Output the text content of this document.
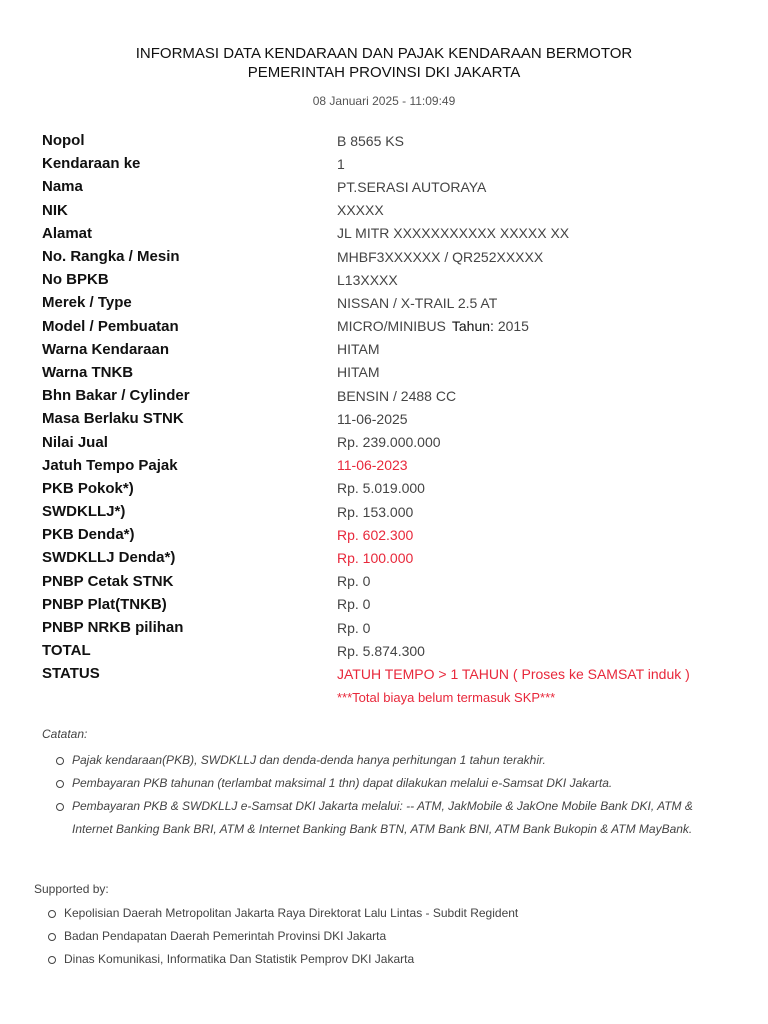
INFORMASI DATA KENDARAAN DAN PAJAK KENDARAAN BERMOTOR
PEMERINTAH PROVINSI DKI JAKARTA
08 Januari 2025 - 11:09:49
Nopol	B 8565 KS
Kendaraan ke	1
Nama	PT.SERASI AUTORAYA
NIK	XXXXX
Alamat	JL MITR XXXXXXXXXXX XXXXX XX
No. Rangka / Mesin	MHBF3XXXXXX / QR252XXXXX
No BPKB	L13XXXX
Merek / Type	NISSAN / X-TRAIL 2.5 AT
Model / Pembuatan	MICRO/MINIBUS Tahun: 2015
Warna Kendaraan	HITAM
Warna TNKB	HITAM
Bhn Bakar / Cylinder	BENSIN / 2488 CC
Masa Berlaku STNK	11-06-2025
Nilai Jual	Rp. 239.000.000
Jatuh Tempo Pajak	11-06-2023
PKB Pokok*)	Rp. 5.019.000
SWDKLLJ*)	Rp. 153.000
PKB Denda*)	Rp. 602.300
SWDKLLJ Denda*)	Rp. 100.000
PNBP Cetak STNK	Rp. 0
PNBP Plat(TNKB)	Rp. 0
PNBP NRKB pilihan	Rp. 0
TOTAL	Rp. 5.874.300
STATUS	JATUH TEMPO > 1 TAHUN ( Proses ke SAMSAT induk )
***Total biaya belum termasuk SKP***
Catatan:
Pajak kendaraan(PKB), SWDKLLJ dan denda-denda hanya perhitungan 1 tahun terakhir.
Pembayaran PKB tahunan (terlambat maksimal 1 thn) dapat dilakukan melalui e-Samsat DKI Jakarta.
Pembayaran PKB & SWDKLLJ e-Samsat DKI Jakarta melalui: -- ATM, JakMobile & JakOne Mobile Bank DKI, ATM &
Internet Banking Bank BRI, ATM & Internet Banking Bank BTN, ATM Bank BNI, ATM Bank Bukopin & ATM MayBank.
Supported by:
Kepolisian Daerah Metropolitan Jakarta Raya Direktorat Lalu Lintas - Subdit Regident
Badan Pendapatan Daerah Pemerintah Provinsi DKI Jakarta
Dinas Komunikasi, Informatika Dan Statistik Pemprov DKI Jakarta
